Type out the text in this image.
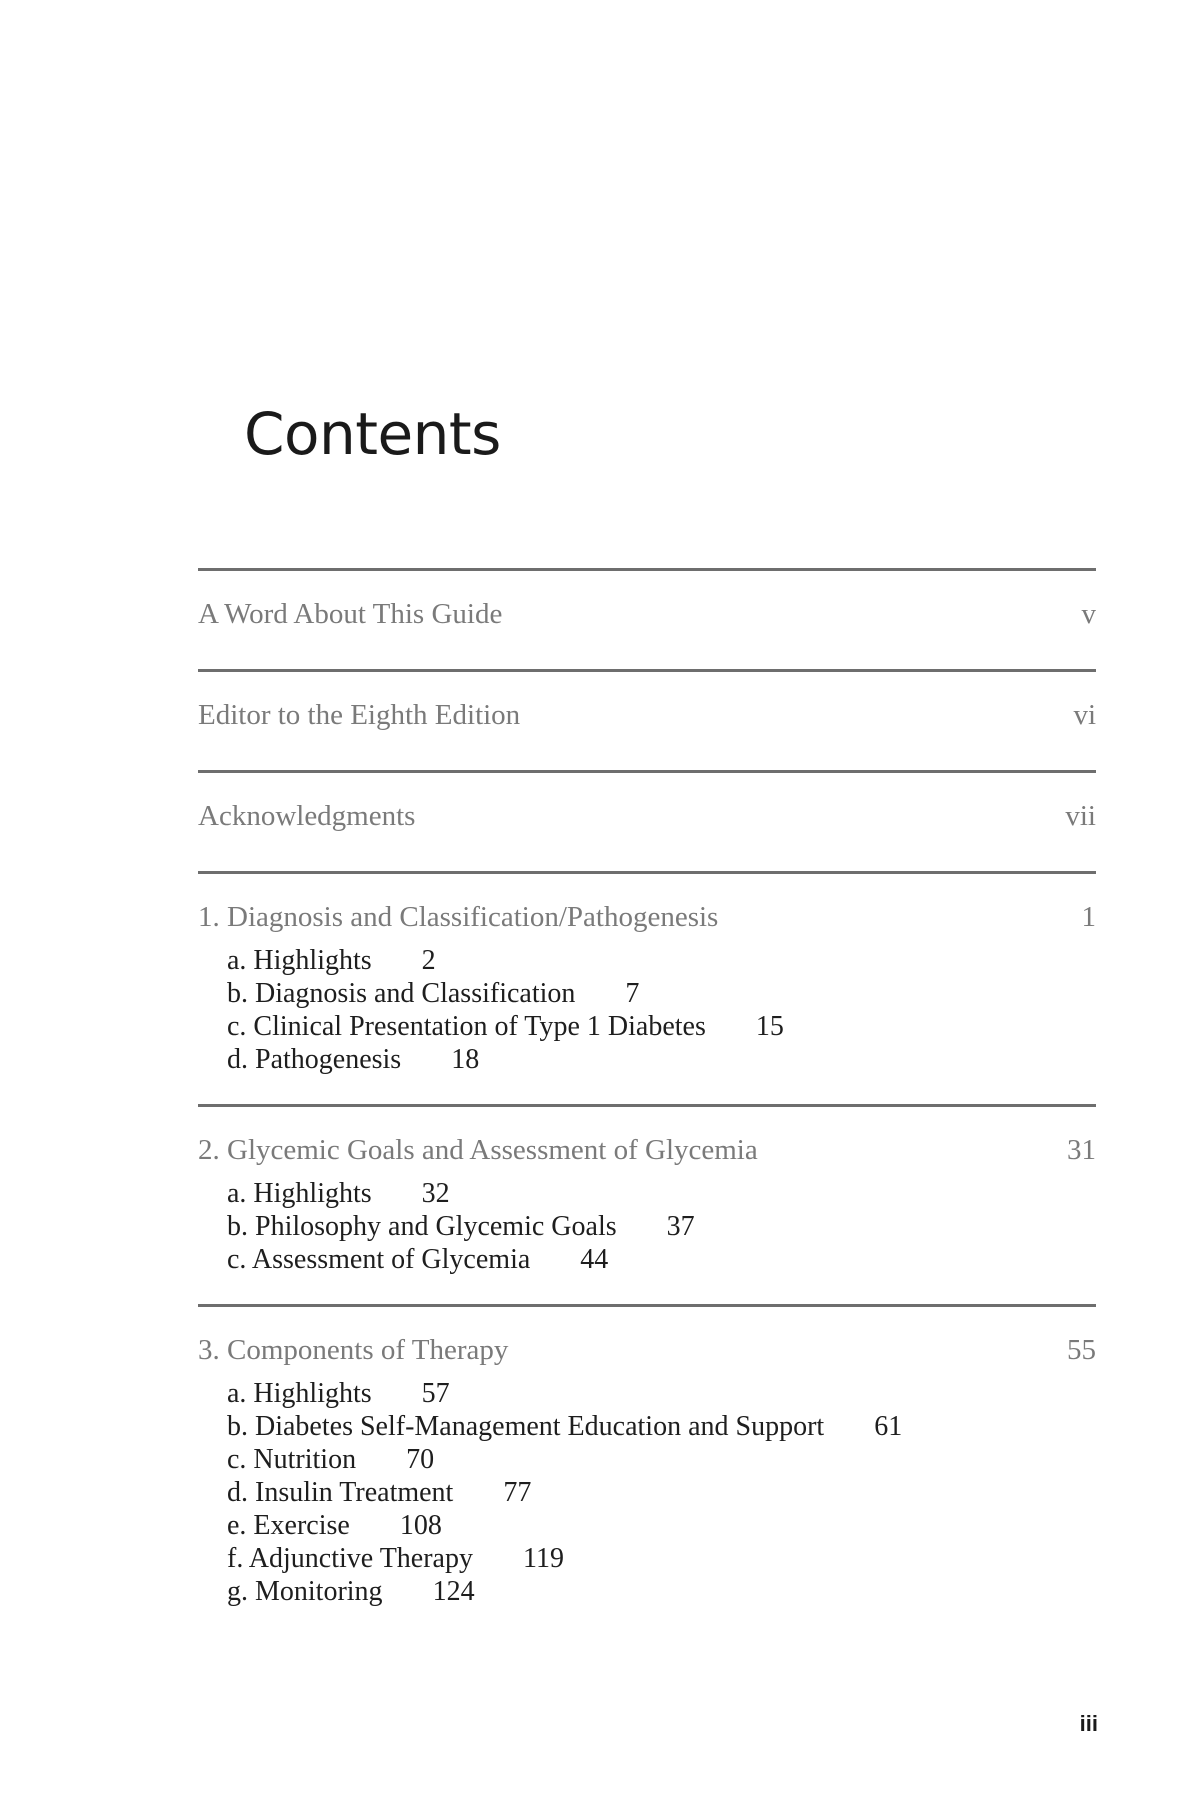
Contents
A Word About This Guide	v
Editor to the Eighth Edition	vi
Acknowledgments	vii
1. Diagnosis and Classification/Pathogenesis	1
a. Highlights 2
b. Diagnosis and Classification 7
c. Clinical Presentation of Type 1 Diabetes 15
d. Pathogenesis 18
2. Glycemic Goals and Assessment of Glycemia	31
a. Highlights 32
b. Philosophy and Glycemic Goals 37
c. Assessment of Glycemia 44
3. Components of Therapy	55
a. Highlights 57
b. Diabetes Self-Management Education and Support 61
c. Nutrition 70
d. Insulin Treatment 77
e. Exercise 108
f. Adjunctive Therapy 119
g. Monitoring 124
iii
